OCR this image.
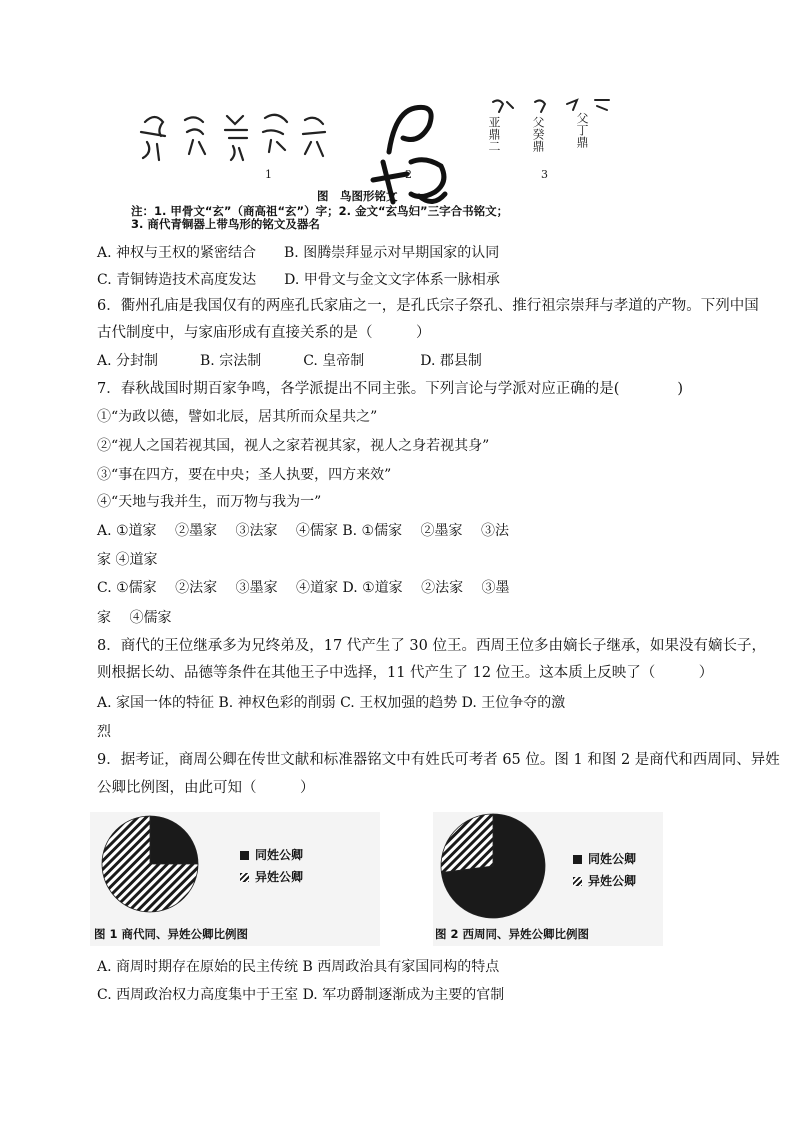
亚鼎二	父癸鼎	父丁鼎
1	2	3
图　鸟图形铭文
注：1. 甲骨文“玄”（商高祖“玄”）字；2. 金文“玄鸟妇”三字合书铭文；
3. 商代青铜器上带鸟形的铭文及器名
A. 神权与王权的紧密结合　　B. 图腾崇拜显示对早期国家的认同
C. 青铜铸造技术高度发达　　D. 甲骨文与金文文字体系一脉相承
6．衢州孔庙是我国仅有的两座孔氏家庙之一，是孔氏宗子祭孔、推行祖宗崇拜与孝道的产物。下列中国
古代制度中，与家庙形成有直接关系的是（　　　）
A. 分封制　　　B. 宗法制　　　C. 皇帝制　　　　D. 郡县制
7．春秋战国时期百家争鸣，各学派提出不同主张。下列言论与学派对应正确的是(　　　　)
①“为政以德，譬如北辰，居其所而众星共之”
②“视人之国若视其国，视人之家若视其家，视人之身若视其身”
③“事在四方，要在中央；圣人执要，四方来效”
④“天地与我并生，而万物与我为一”
A. ①道家　 ②墨家　 ③法家　 ④儒家 B. ①儒家　 ②墨家　 ③法
家 ④道家
C. ①儒家　 ②法家　 ③墨家　 ④道家 D. ①道家　 ②法家　 ③墨
家　 ④儒家
8．商代的王位继承多为兄终弟及，17 代产生了 30 位王。西周王位多由嫡长子继承，如果没有嫡长子，
则根据长幼、品德等条件在其他王子中选择，11 代产生了 12 位王。这本质上反映了（　　　）
A. 家国一体的特征 B. 神权色彩的削弱 C. 王权加强的趋势 D. 王位争夺的激
烈
9．据考证，商周公卿在传世文献和标准器铭文中有姓氏可考者 65 位。图 1 和图 2 是商代和西周同、异姓
公卿比例图，由此可知（　　　）
同姓公卿
异姓公卿
图 1 商代同、异姓公卿比例图
同姓公卿
异姓公卿
图 2 西周同、异姓公卿比例图
A. 商周时期存在原始的民主传统 B 西周政治具有家国同构的特点
C. 西周政治权力高度集中于王室 D. 军功爵制逐渐成为主要的官制
